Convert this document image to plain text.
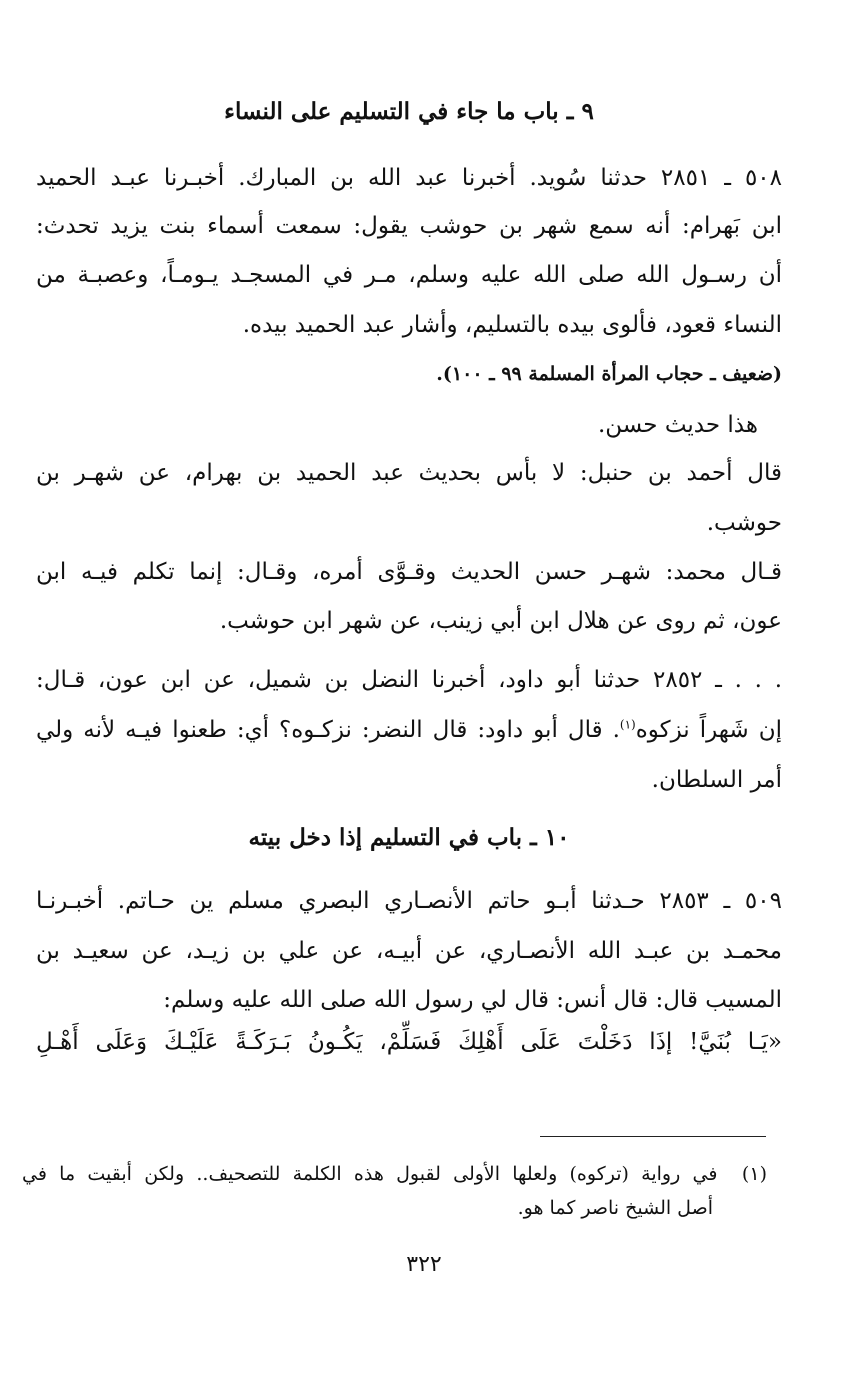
٩ ـ باب ما جاء في التسليم على النساء
٥٠٨ ـ ٢٨٥١ حدثنا سُويد. أخبرنا عبد الله بن المبارك. أخبـرنا عبـد الحميد
ابن بَهرام: أنه سمع شهر بن حوشب يقول: سمعت أسماء بنت يزيد تحدث:
أن رسـول الله صلى الله عليه وسلم، مـر في المسجـد يـومـاً، وعصبـة من
النساء قعود، فألوى بيده بالتسليم، وأشار عبد الحميد بيده.
(ضعيف ـ حجاب المرأة المسلمة ٩٩ ـ ١٠٠).
هذا حديث حسن.
قال أحمد بن حنبل: لا بأس بحديث عبد الحميد بن بهرام، عن شهـر بن
حوشب.
قـال محمد: شهـر حسن الحديث وقـوَّى أمره، وقـال: إنما تكلم فيـه ابن
عون، ثم روى عن هلال ابن أبي زينب، عن شهر ابن حوشب.
. . . ـ ٢٨٥٢ حدثنا أبو داود، أخبرنا النضل بن شميل، عن ابن عون، قـال:
إن شَهراً نزكوه$^{(١)}$. قال أبو داود: قال النضر: نزكـوه؟ أي: طعنوا فيـه لأنه ولي
أمر السلطان.
١٠ ـ باب في التسليم إذا دخل بيته
٥٠٩ ـ ٢٨٥٣ حـدثنا أبـو حاتم الأنصـاري البصري مسلم ين حـاتم. أخبـرنـا
محمـد بن عبـد الله الأنصـاري، عن أبيـه، عن علي بن زيـد، عن سعيـد بن
المسيب قال: قال أنس: قال لي رسول الله صلى الله عليه وسلم:
«يَـا بُنَيَّ! إذَا دَخَلْتَ عَلَى أَهْلِكَ فَسَلِّمْ، يَكُـونُ بَـرَكَـةً عَلَيْـكَ وَعَلَى أَهْـلِ
(١)  في رواية (تركوه) ولعلها الأولى لقبول هذه الكلمة للتصحيف.. ولكن أبقيت ما في
أصل الشيخ ناصر كما هو.
٣٢٢
